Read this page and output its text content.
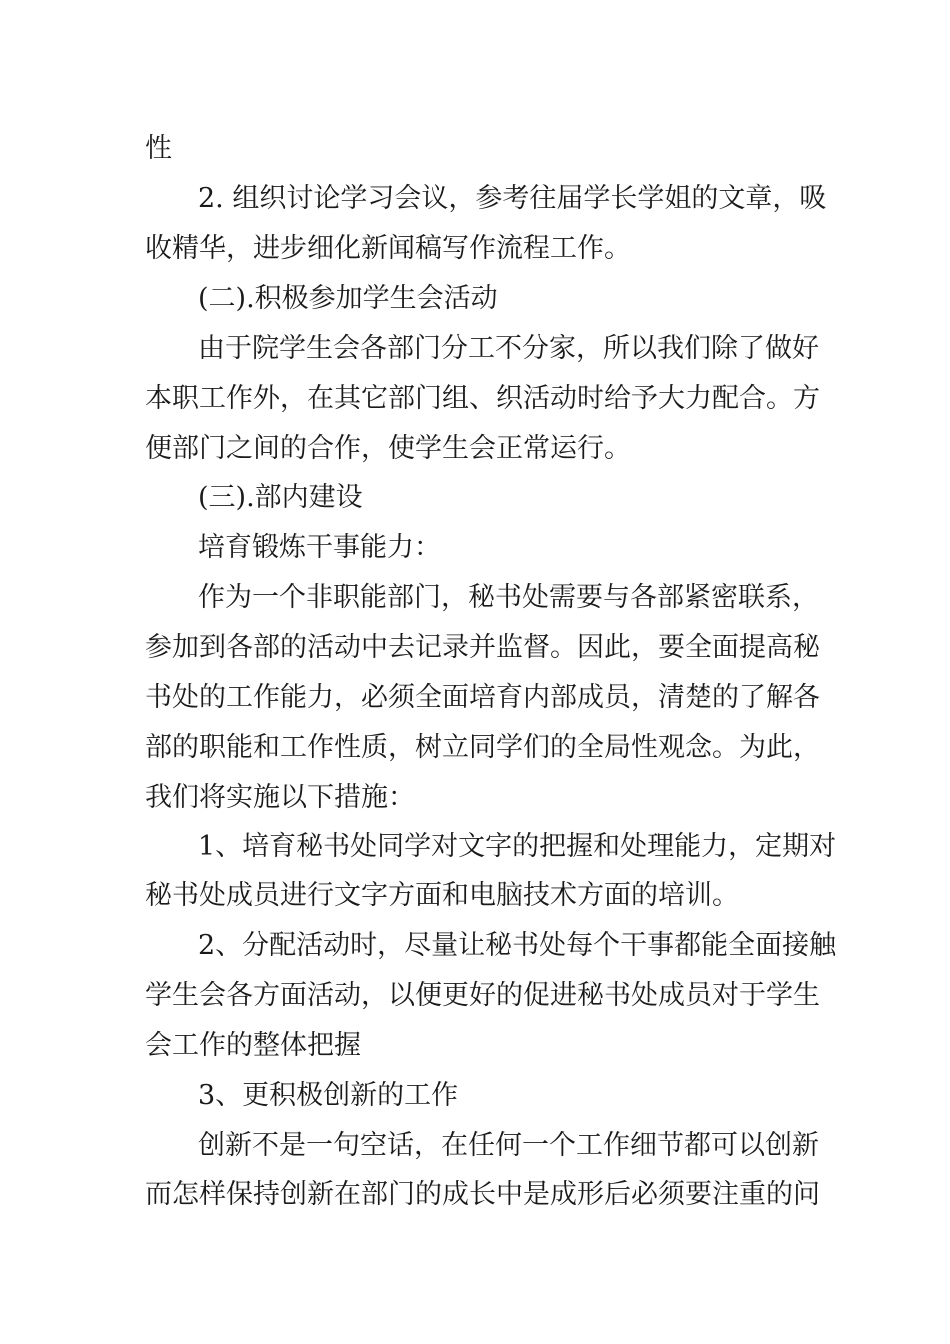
性
2. 组织讨论学习会议，参考往届学长学姐的文章，吸
收精华，进步细化新闻稿写作流程工作。
(二).积极参加学生会活动
由于院学生会各部门分工不分家，所以我们除了做好
本职工作外，在其它部门组、织活动时给予大力配合。方
便部门之间的合作，使学生会正常运行。
(三).部内建设
培育锻炼干事能力：
作为一个非职能部门，秘书处需要与各部紧密联系，
参加到各部的活动中去记录并监督。因此，要全面提高秘
书处的工作能力，必须全面培育内部成员，清楚的了解各
部的职能和工作性质，树立同学们的全局性观念。为此，
我们将实施以下措施：
1、培育秘书处同学对文字的把握和处理能力，定期对
秘书处成员进行文字方面和电脑技术方面的培训。
2、分配活动时，尽量让秘书处每个干事都能全面接触
学生会各方面活动，以便更好的促进秘书处成员对于学生
会工作的整体把握
3、更积极创新的工作
创新不是一句空话，在任何一个工作细节都可以创新
而怎样保持创新在部门的成长中是成形后必须要注重的问
